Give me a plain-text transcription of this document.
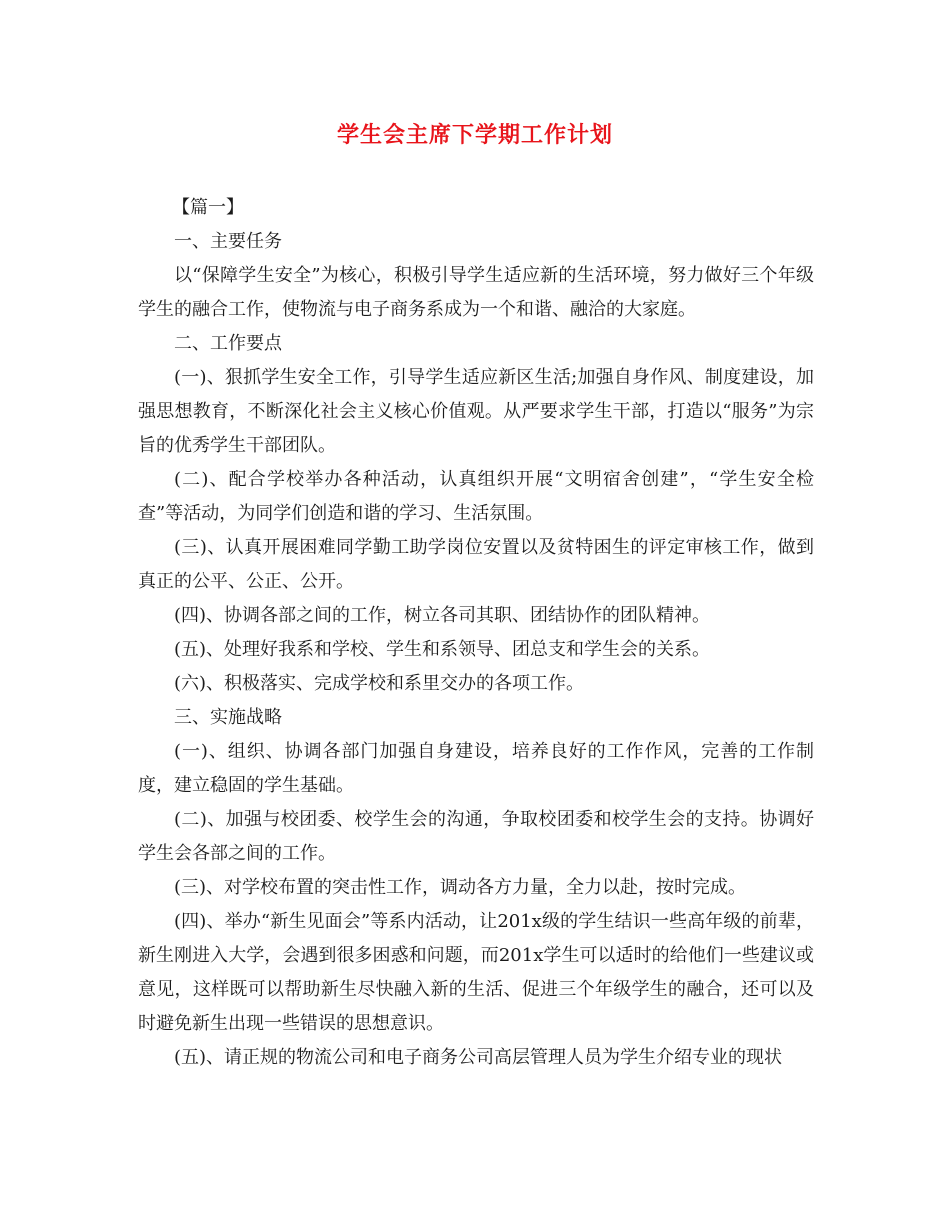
学生会主席下学期工作计划

【篇一】

一、主要任务

以“保障学生安全”为核心，积极引导学生适应新的生活环境，努力做好三个年级学生的融合工作，使物流与电子商务系成为一个和谐、融洽的大家庭。

二、工作要点

(一)、狠抓学生安全工作，引导学生适应新区生活;加强自身作风、制度建设，加强思想教育，不断深化社会主义核心价值观。从严要求学生干部，打造以“服务”为宗旨的优秀学生干部团队。

(二)、配合学校举办各种活动，认真组织开展“文明宿舍创建”，“学生安全检查”等活动，为同学们创造和谐的学习、生活氛围。

(三)、认真开展困难同学勤工助学岗位安置以及贫特困生的评定审核工作，做到真正的公平、公正、公开。

(四)、协调各部之间的工作，树立各司其职、团结协作的团队精神。

(五)、处理好我系和学校、学生和系领导、团总支和学生会的关系。

(六)、积极落实、完成学校和系里交办的各项工作。

三、实施战略

(一)、组织、协调各部门加强自身建设，培养良好的工作作风，完善的工作制度，建立稳固的学生基础。

(二)、加强与校团委、校学生会的沟通，争取校团委和校学生会的支持。协调好学生会各部之间的工作。

(三)、对学校布置的突击性工作，调动各方力量，全力以赴，按时完成。

(四)、举办“新生见面会”等系内活动，让201x级的学生结识一些高年级的前辈，新生刚进入大学，会遇到很多困惑和问题，而201x学生可以适时的给他们一些建议或意见，这样既可以帮助新生尽快融入新的生活、促进三个年级学生的融合，还可以及时避免新生出现一些错误的思想意识。

(五)、请正规的物流公司和电子商务公司高层管理人员为学生介绍专业的现状
